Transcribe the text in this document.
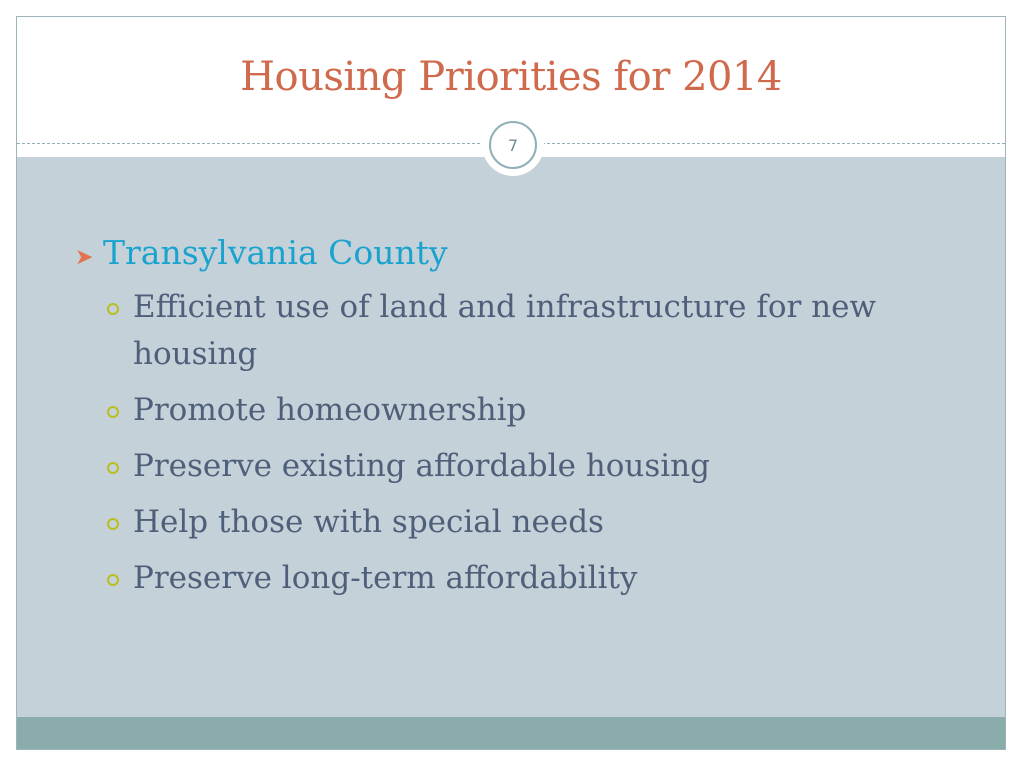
Housing Priorities for 2014
7
➤ Transylvania County
Efficient use of land and infrastructure for new housing
Promote homeownership
Preserve existing affordable housing
Help those with special needs
Preserve long-term affordability
